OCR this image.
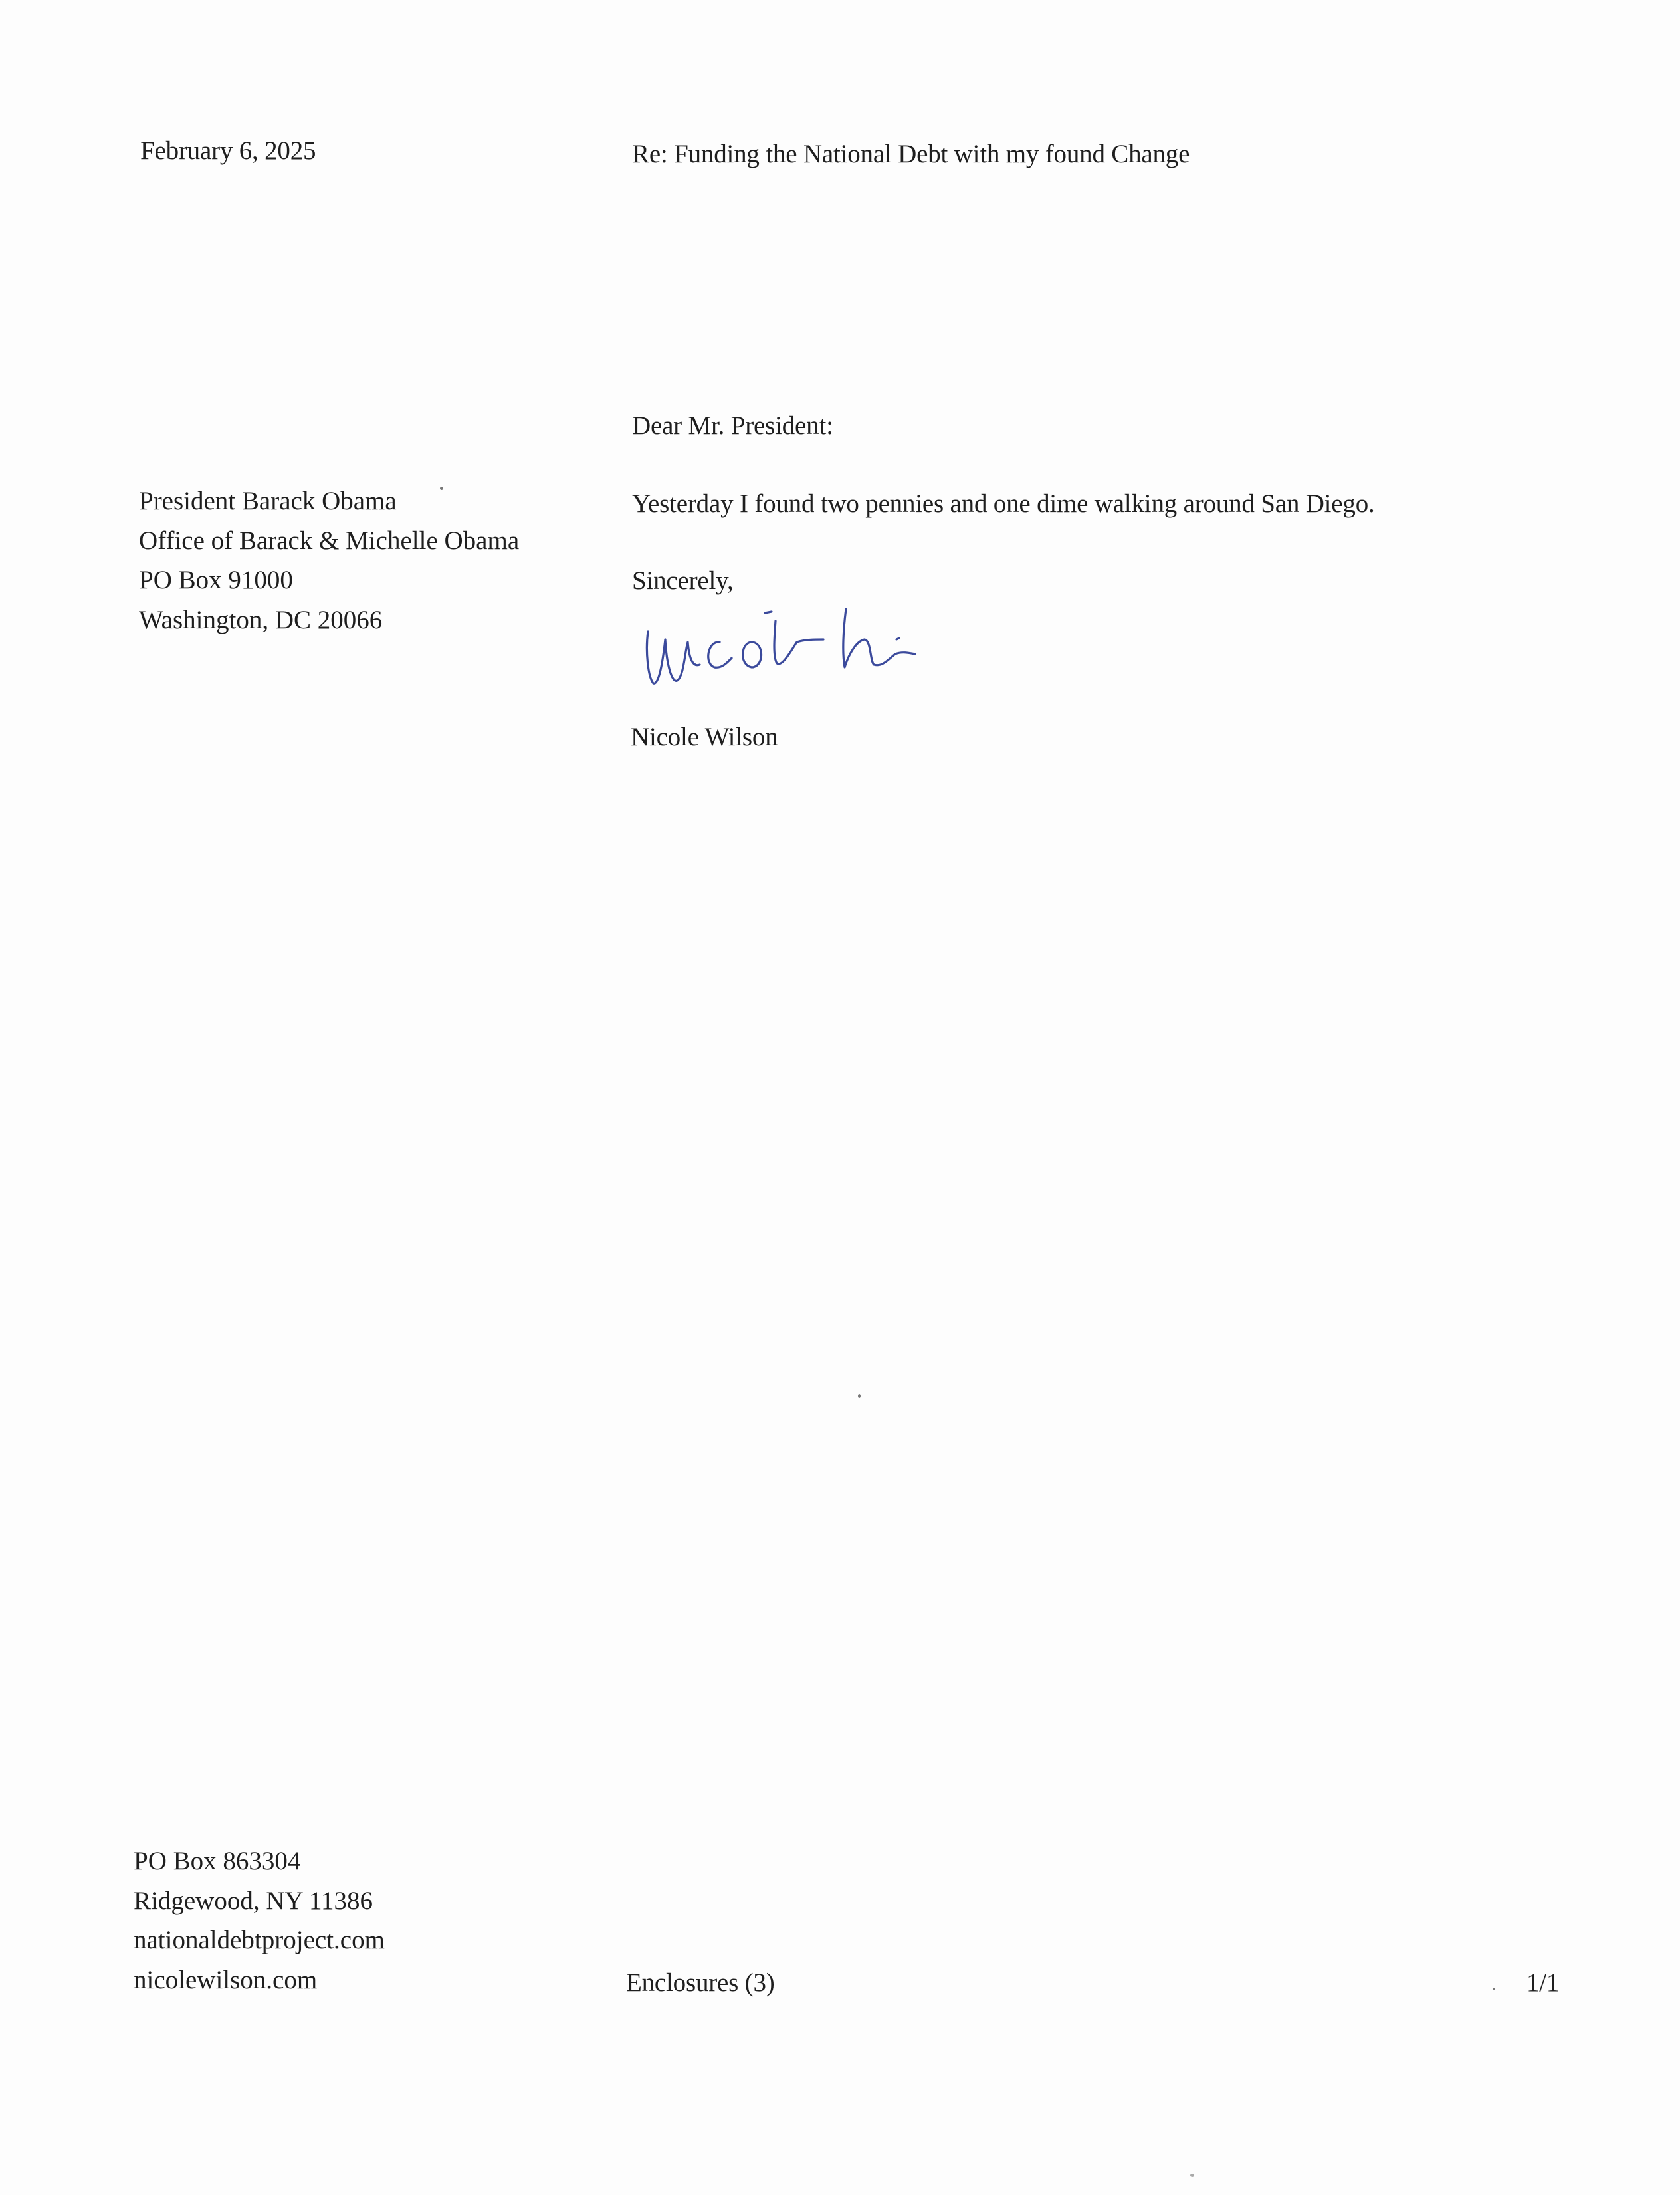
February 6, 2025	Re: Funding the National Debt with my found Change
President Barack Obama
Office of Barack & Michelle Obama
PO Box 91000
Washington, DC 20066
Dear Mr. President:
Yesterday I found two pennies and one dime walking around San Diego.
Sincerely,
Nicole Wilson
PO Box 863304
Ridgewood, NY 11386
nationaldebtproject.com
nicolewilson.com	Enclosures (3)	1/1
